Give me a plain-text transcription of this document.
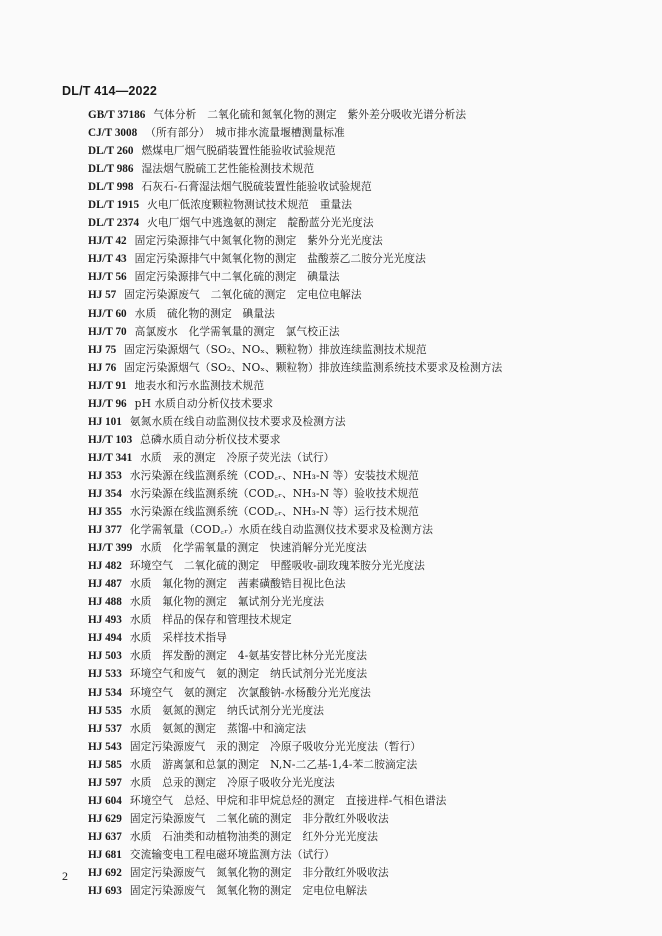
DL/T 414—2022
GB/T 37186 气体分析　二氧化硫和氮氧化物的测定　紫外差分吸收光谱分析法
CJ/T 3008 （所有部分）　城市排水流量堰槽测量标准
DL/T 260 燃煤电厂烟气脱硝装置性能验收试验规范
DL/T 986 湿法烟气脱硫工艺性能检测技术规范
DL/T 998 石灰石-石膏湿法烟气脱硫装置性能验收试验规范
DL/T 1915 火电厂低浓度颗粒物测试技术规范　重量法
DL/T 2374 火电厂烟气中逃逸氨的测定　靛酚蓝分光光度法
HJ/T 42 固定污染源排气中氮氧化物的测定　紫外分光光度法
HJ/T 43 固定污染源排气中氮氧化物的测定　盐酸萘乙二胺分光光度法
HJ/T 56 固定污染源排气中二氧化硫的测定　碘量法
HJ 57 固定污染源废气　二氧化硫的测定　定电位电解法
HJ/T 60 水质　硫化物的测定　碘量法
HJ/T 70 高氯废水　化学需氧量的测定　氯气校正法
HJ 75 固定污染源烟气（SO₂、NOₓ、颗粒物）排放连续监测技术规范
HJ 76 固定污染源烟气（SO₂、NOₓ、颗粒物）排放连续监测系统技术要求及检测方法
HJ/T 91 地表水和污水监测技术规范
HJ/T 96 pH 水质自动分析仪技术要求
HJ 101 氨氮水质在线自动监测仪技术要求及检测方法
HJ/T 103 总磷水质自动分析仪技术要求
HJ/T 341 水质　汞的测定　冷原子荧光法（试行）
HJ 353 水污染源在线监测系统（COD꜀ᵣ、NH₃-N 等）安装技术规范
HJ 354 水污染源在线监测系统（COD꜀ᵣ、NH₃-N 等）验收技术规范
HJ 355 水污染源在线监测系统（COD꜀ᵣ、NH₃-N 等）运行技术规范
HJ 377 化学需氧量（COD꜀ᵣ）水质在线自动监测仪技术要求及检测方法
HJ/T 399 水质　化学需氧量的测定　快速消解分光光度法
HJ 482 环境空气　二氧化硫的测定　甲醛吸收-副玫瑰苯胺分光光度法
HJ 487 水质　氟化物的测定　茜素磺酸锆目视比色法
HJ 488 水质　氟化物的测定　氟试剂分光光度法
HJ 493 水质　样品的保存和管理技术规定
HJ 494 水质　采样技术指导
HJ 503 水质　挥发酚的测定　4-氨基安替比林分光光度法
HJ 533 环境空气和废气　氨的测定　纳氏试剂分光光度法
HJ 534 环境空气　氨的测定　次氯酸钠-水杨酸分光光度法
HJ 535 水质　氨氮的测定　纳氏试剂分光光度法
HJ 537 水质　氨氮的测定　蒸馏-中和滴定法
HJ 543 固定污染源废气　汞的测定　冷原子吸收分光光度法（暂行）
HJ 585 水质　游离氯和总氯的测定　N,N-二乙基-1,4-苯二胺滴定法
HJ 597 水质　总汞的测定　冷原子吸收分光光度法
HJ 604 环境空气　总烃、甲烷和非甲烷总烃的测定　直接进样-气相色谱法
HJ 629 固定污染源废气　二氧化硫的测定　非分散红外吸收法
HJ 637 水质　石油类和动植物油类的测定　红外分光光度法
HJ 681 交流输变电工程电磁环境监测方法（试行）
HJ 692 固定污染源废气　氮氧化物的测定　非分散红外吸收法
HJ 693 固定污染源废气　氮氧化物的测定　定电位电解法
2
